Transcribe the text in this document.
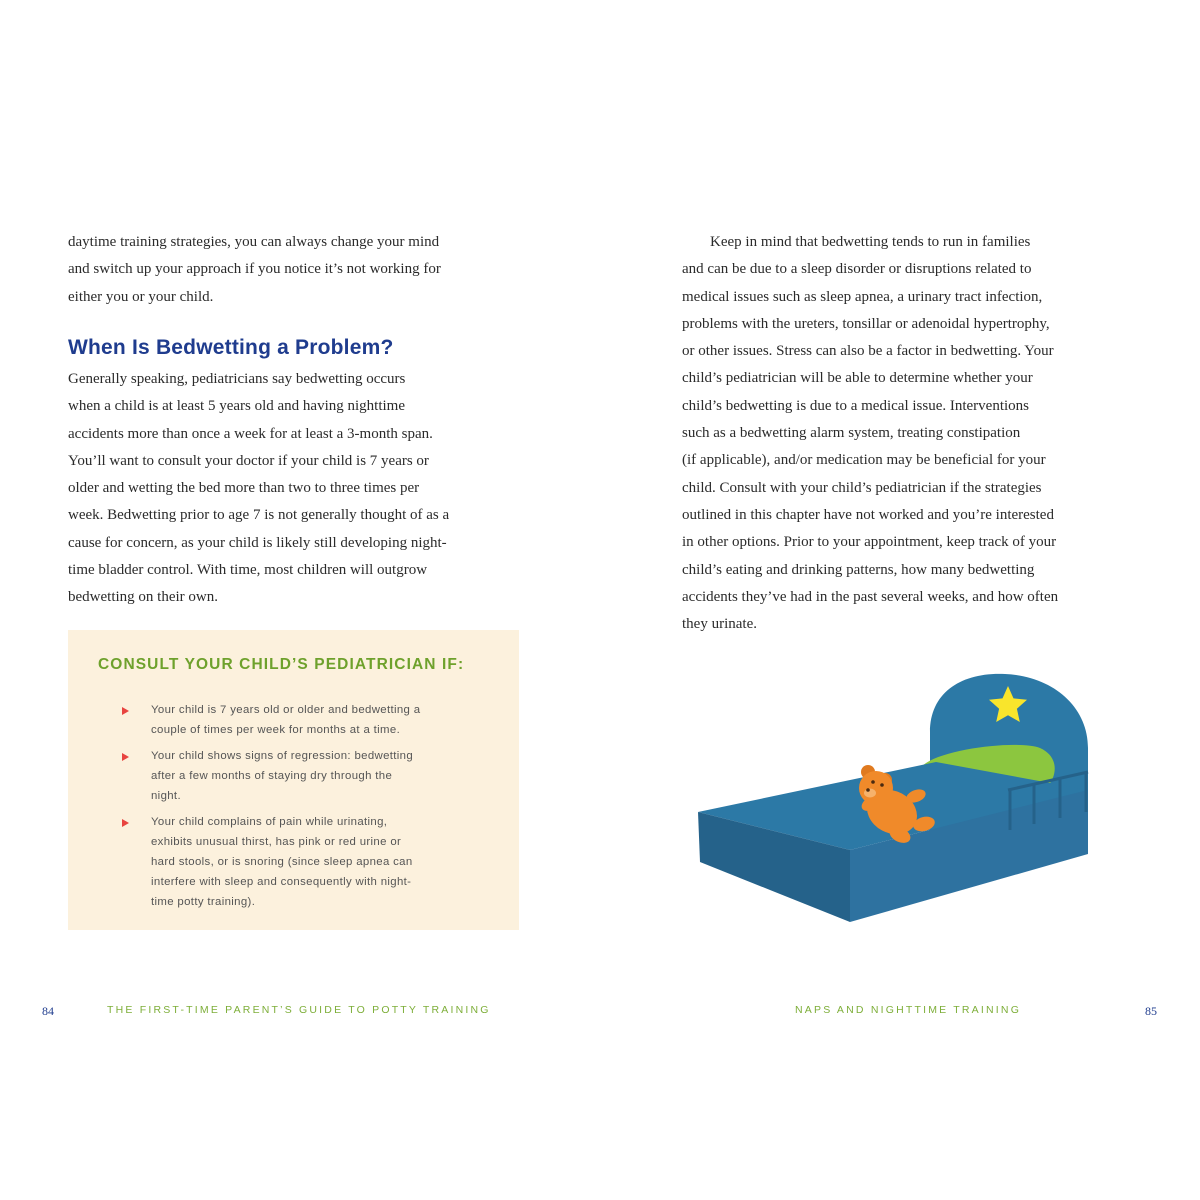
daytime training strategies, you can always change your mind
and switch up your approach if you notice it’s not working for
either you or your child.
When Is Bedwetting a Problem?
Generally speaking, pediatricians say bedwetting occurs
when a child is at least 5 years old and having nighttime
accidents more than once a week for at least a 3-month span.
You’ll want to consult your doctor if your child is 7 years or
older and wetting the bed more than two to three times per
week. Bedwetting prior to age 7 is not generally thought of as a
cause for concern, as your child is likely still developing night-
time bladder control. With time, most children will outgrow
bedwetting on their own.

CONSULT YOUR CHILD’S PEDIATRICIAN IF:

Your child is 7 years old or older and bedwetting a
couple of times per week for months at a time.

Your child shows signs of regression: bedwetting
after a few months of staying dry through the
night.

Your child complains of pain while urinating,
exhibits unusual thirst, has pink or red urine or
hard stools, or is snoring (since sleep apnea can
interfere with sleep and consequently with night-
time potty training).

84	THE FIRST-TIME PARENT’S GUIDE TO POTTY TRAINING

Keep in mind that bedwetting tends to run in families
and can be due to a sleep disorder or disruptions related to
medical issues such as sleep apnea, a urinary tract infection,
problems with the ureters, tonsillar or adenoidal hypertrophy,
or other issues. Stress can also be a factor in bedwetting. Your
child’s pediatrician will be able to determine whether your
child’s bedwetting is due to a medical issue. Interventions
such as a bedwetting alarm system, treating constipation
(if applicable), and/or medication may be beneficial for your
child. Consult with your child’s pediatrician if the strategies
outlined in this chapter have not worked and you’re interested
in other options. Prior to your appointment, keep track of your
child’s eating and drinking patterns, how many bedwetting
accidents they’ve had in the past several weeks, and how often
they urinate.

NAPS AND NIGHTTIME TRAINING	85
